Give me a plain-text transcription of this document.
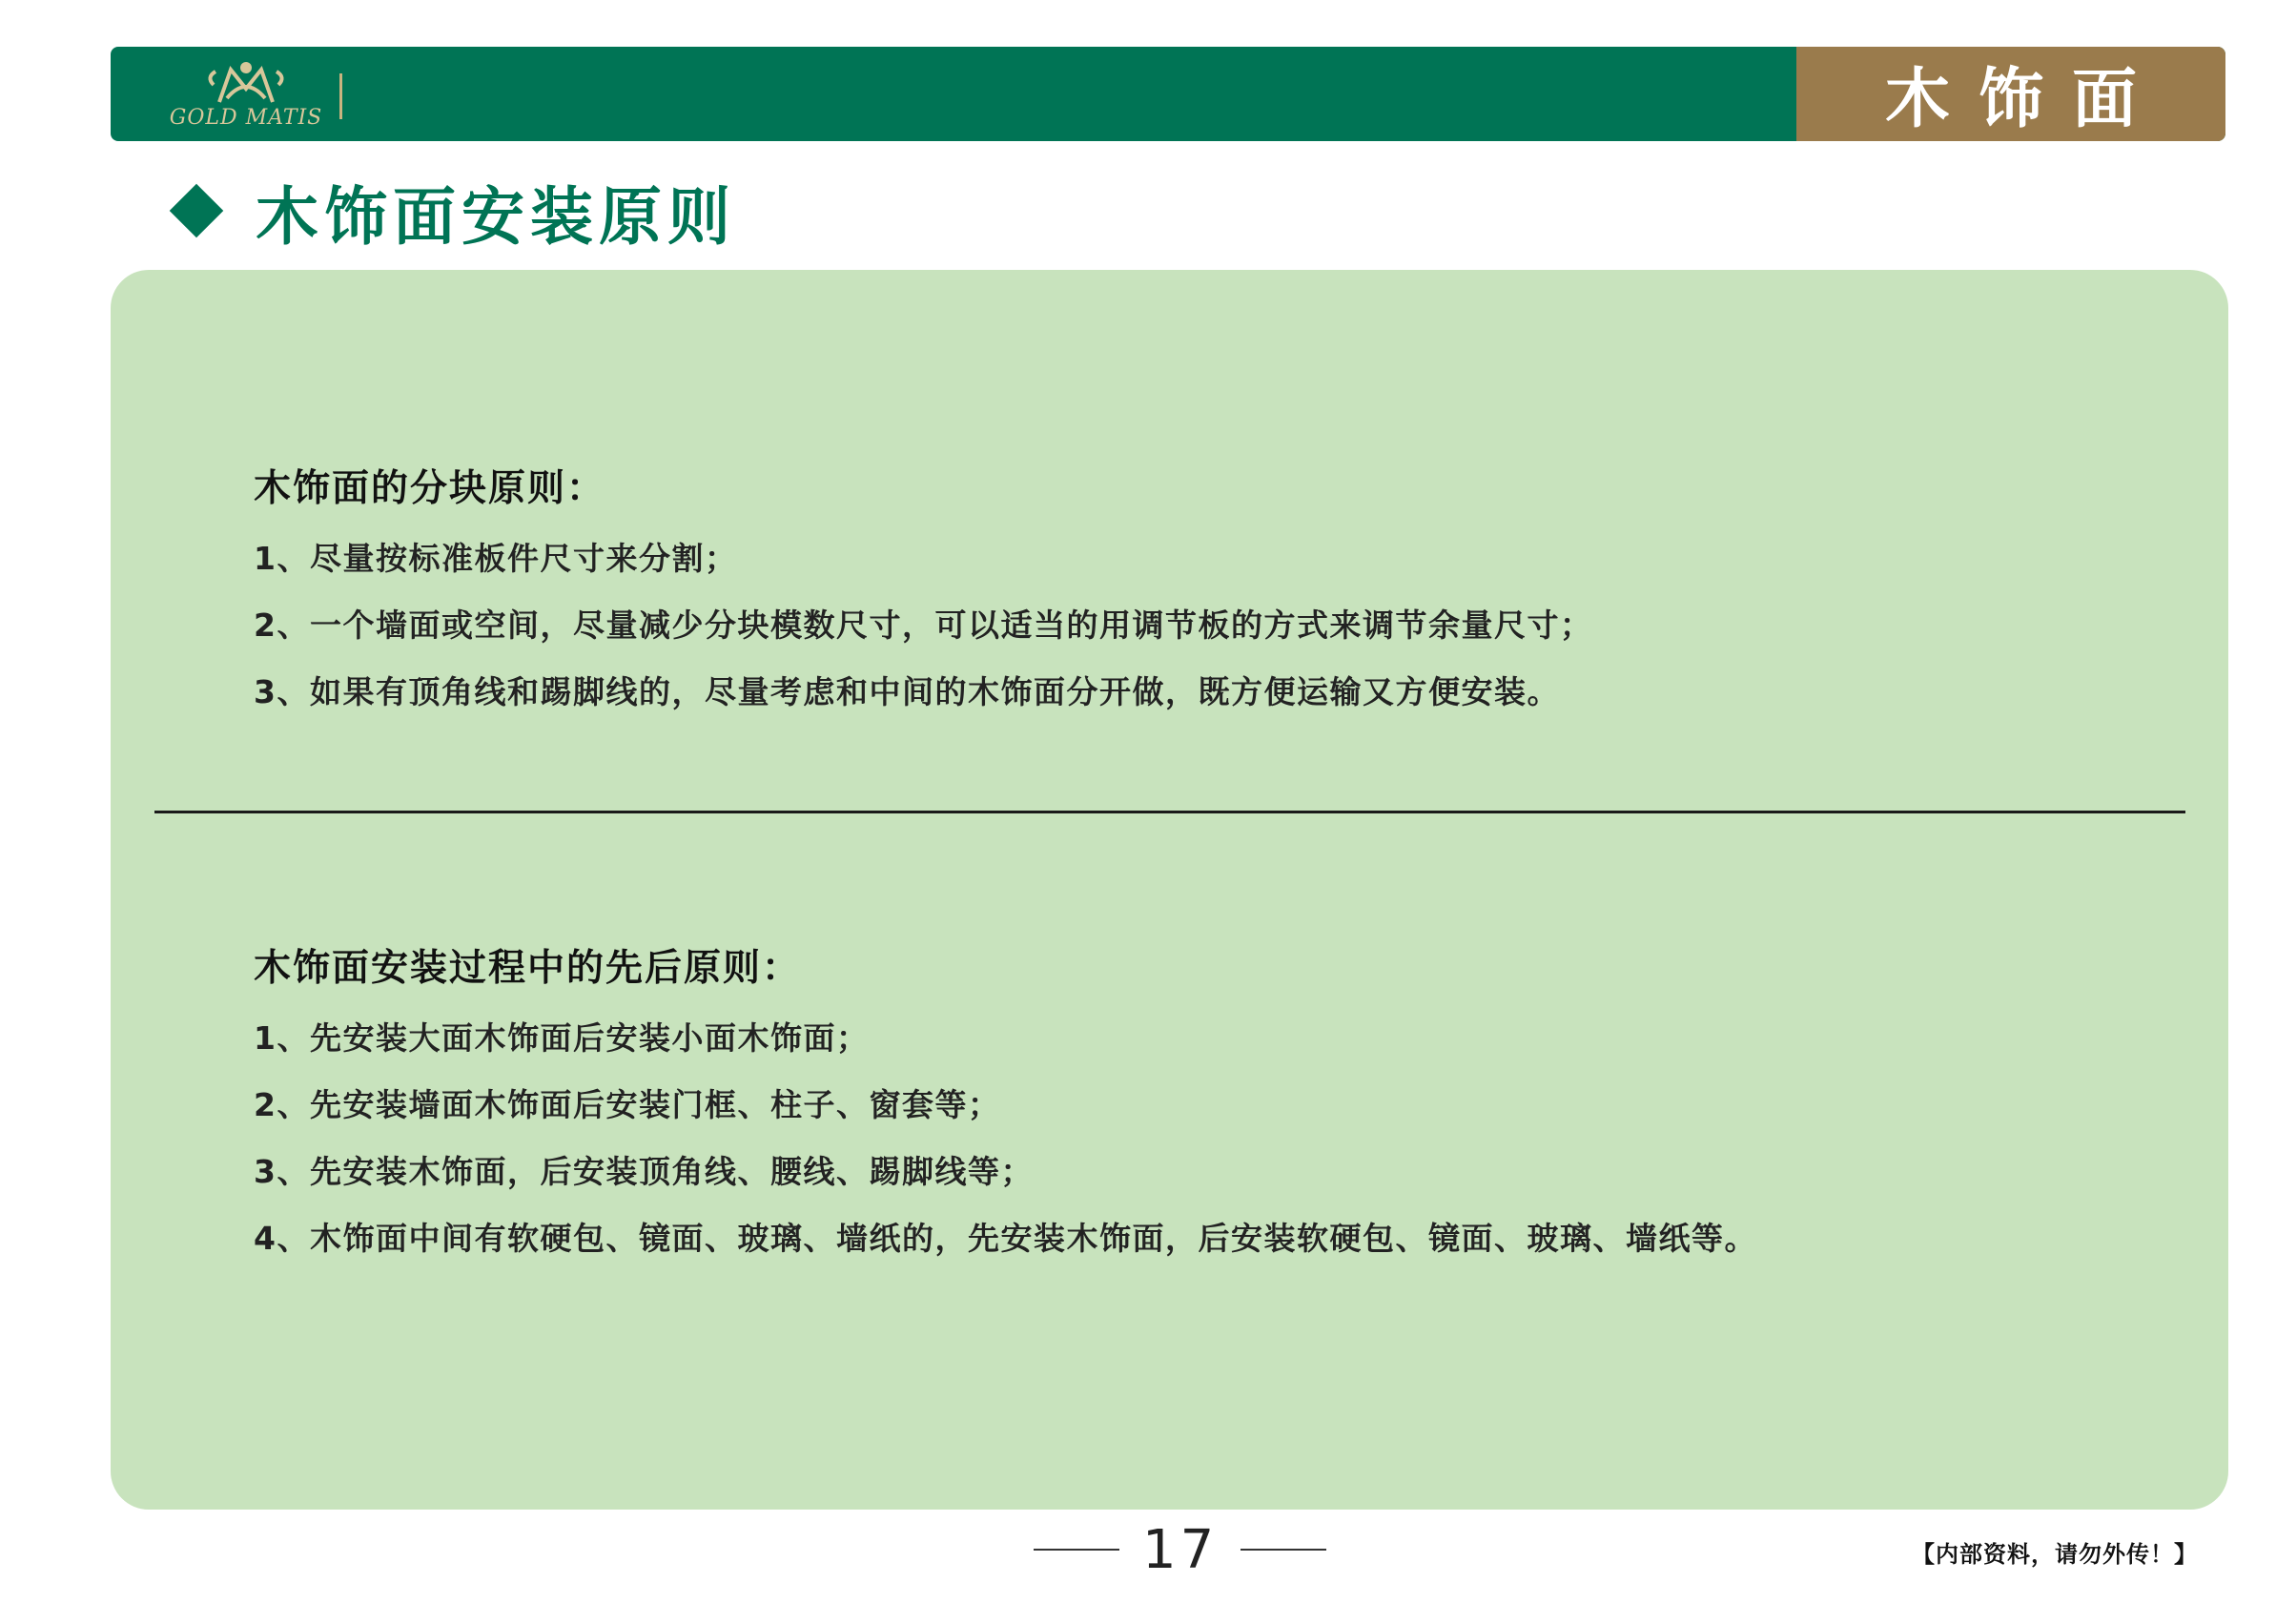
GOLD MATIS	木饰面
木饰面安装原则
木饰面的分块原则：
1、尽量按标准板件尺寸来分割；
2、一个墙面或空间，尽量减少分块模数尺寸，可以适当的用调节板的方式来调节余量尺寸；
3、如果有顶角线和踢脚线的，尽量考虑和中间的木饰面分开做，既方便运输又方便安装。
木饰面安装过程中的先后原则：
1、先安装大面木饰面后安装小面木饰面；
2、先安装墙面木饰面后安装门框、柱子、窗套等；
3、先安装木饰面，后安装顶角线、腰线、踢脚线等；
4、木饰面中间有软硬包、镜面、玻璃、墙纸的，先安装木饰面，后安装软硬包、镜面、玻璃、墙纸等。
17	【内部资料，请勿外传！】
